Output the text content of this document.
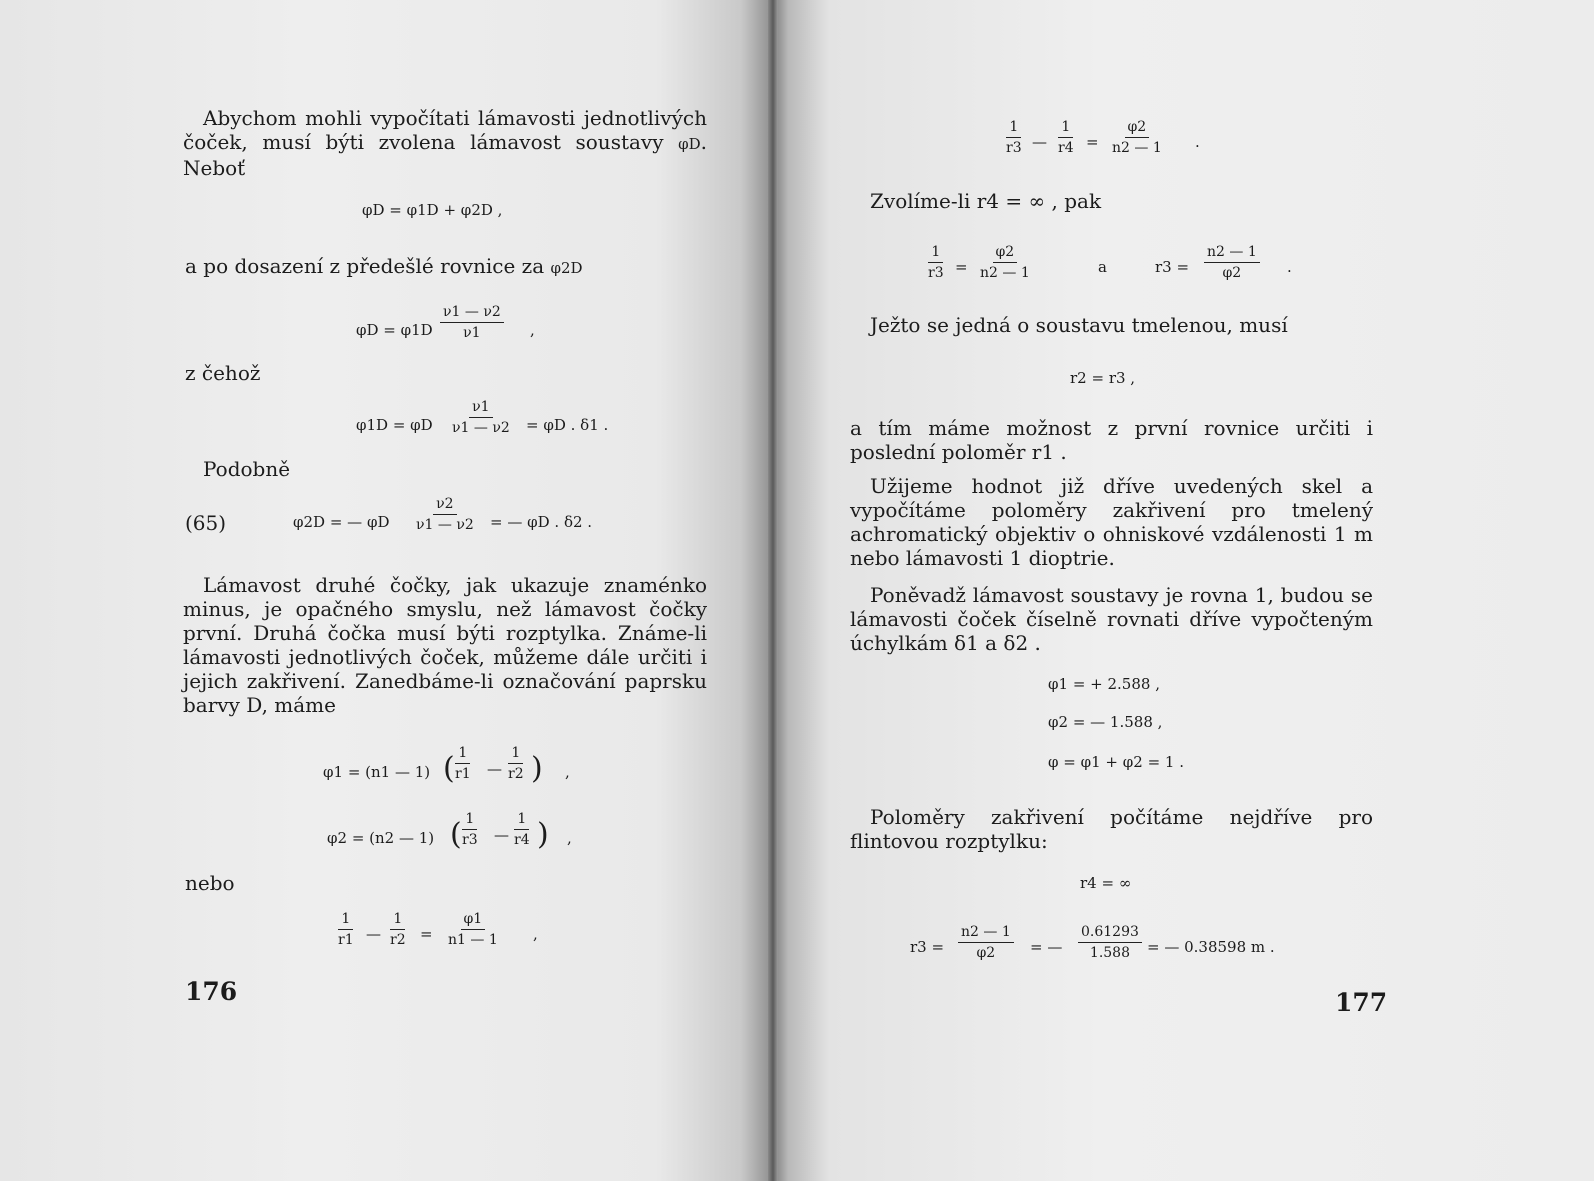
Abychom mohli vypočítati lámavosti jednotlivých čoček, musí býti zvolena lámavost soustavy φD. Neboť
φD = φ1D + φ2D ,
a po dosazení z předešlé rovnice za φ2D
$\varphi D = \varphi 1D \frac{\nu 1 — \nu 2}{\nu 1}$ ,
z čehož
φ1D = φD $\frac{\nu 1}{\nu 1 — \nu 2} = \varphi D$ . δ1 .
Podobně
(65)	φ2D = — φD $\frac{\nu 2}{\nu 1 — \nu 2}$ = — φD . δ2 .
Lámavost druhé čočky, jak ukazuje znaménko minus, je opačného smyslu, než lámavost čočky první. Druhá čočka musí býti rozptylka. Známe-li lámavosti jednotlivých čoček, můžeme dále určiti i jejich zakřivení. Zanedbáme-li označování paprsku barvy D, máme
φ1 = (n1 — 1) ( $\frac{1}{r1}$ — $\frac{1}{r2}$ ) ,
φ2 = (n2 — 1) ( $\frac{1}{r3}$ — $\frac{1}{r4}$ ) ,
nebo
$\frac{1}{r1}$ — $\frac{1}{r2} = \frac{\varphi 1}{n1 — 1}$ ,
176
$\frac{1}{r3}$ — $\frac{1}{r4} = \frac{\varphi 2}{n2 — 1}$ .
Zvolíme-li r4 = ∞ , pak
$\frac{1}{r3} = \frac{\varphi 2}{n2 — 1}$	a	$r3 = \frac{n2 — 1}{\varphi 2}$ .
Ježto se jedná o soustavu tmelenou, musí
r2 = r3 ,
a tím máme možnost z první rovnice určiti i poslední poloměr r1 .
Užijeme hodnot již dříve uvedených skel a vypočítáme poloměry zakřivení pro tmelený achromatický objektiv o ohniskové vzdálenosti 1 m nebo lámavosti 1 dioptrie.
Poněvadž lámavost soustavy je rovna 1, budou se lámavosti čoček číselně rovnati dříve vypočteným úchylkám δ1 a δ2 .
φ1 = + 2.588 ,
φ2 = — 1.588 ,
φ = φ1 + φ2 = 1 .
Poloměry zakřivení počítáme nejdříve pro flintovou rozptylku:
r4 = ∞
$r3 = \frac{n2 — 1}{\varphi 2}$ = — $\frac{0.61293}{1.588}$ = — 0.38598 m .
177
